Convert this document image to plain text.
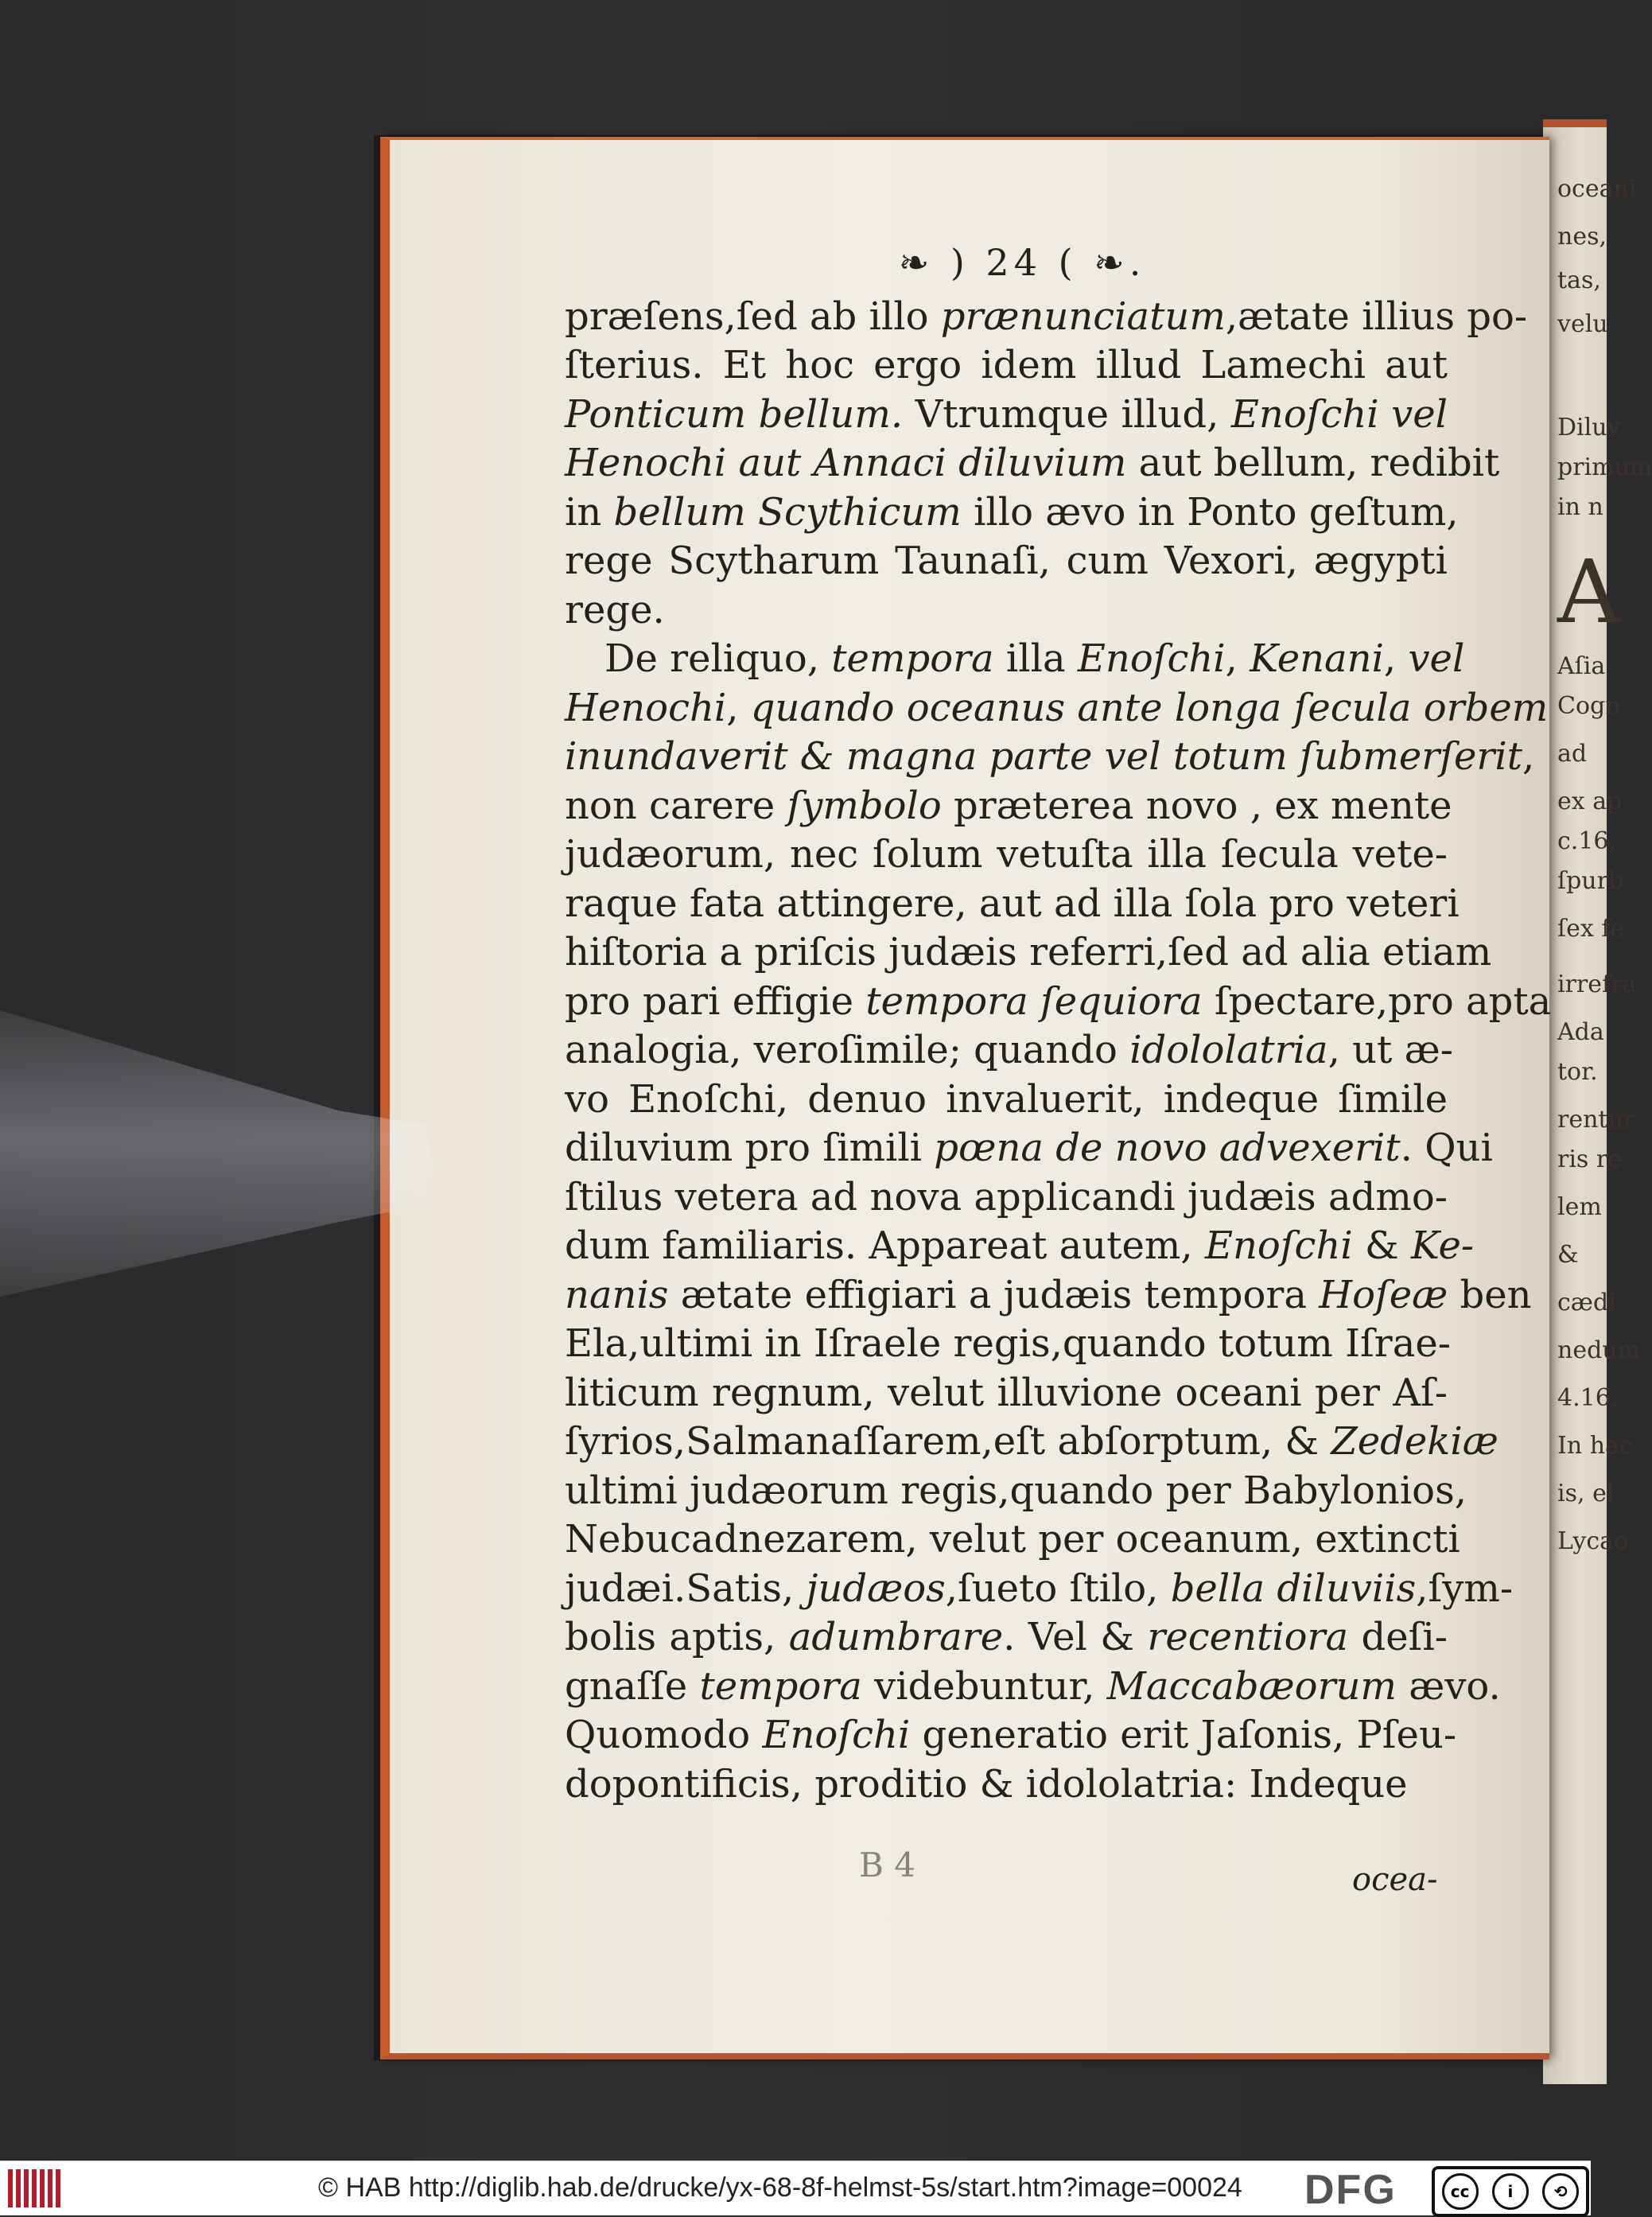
oceani
nes,
tas,
velu
Diluv
primum
in n
A
Aſia
Cogn
ad
ex ap
c.16,
ſpurb
ſex fe
irrefra
Ada
tor.
rentur
ris re
lem
&
cædi
nedum
4.16.
In hac
is, el
Lycao
❧ ) 24 ( ❧.
præſens,ſed ab illo prænunciatum,ætate illius po-
ſterius. Et hoc ergo idem illud Lamechi aut
Ponticum bellum. Vtrumque illud, Enoſchi vel
Henochi aut Annaci diluvium aut bellum, redibit
in bellum Scythicum illo ævo in Ponto geſtum,
rege Scytharum Taunaſi, cum Vexori, ægypti
rege.
De reliquo, tempora illa Enoſchi, Kenani, vel
Henochi, quando oceanus ante longa ſecula orbem
inundaverit & magna parte vel totum ſubmerſerit,
non carere ſymbolo præterea novo , ex mente
judæorum, nec ſolum vetuſta illa ſecula vete-
raque fata attingere, aut ad illa ſola pro veteri
hiſtoria a priſcis judæis referri,ſed ad alia etiam
pro pari effigie tempora ſequiora ſpectare,pro apta
analogia, veroſimile; quando idololatria, ut æ-
vo Enoſchi, denuo invaluerit, indeque ſimile
diluvium pro ſimili pœna de novo advexerit. Qui
ſtilus vetera ad nova applicandi judæis admo-
dum familiaris. Appareat autem, Enoſchi & Ke-
nanis ætate effigiari a judæis tempora Hoſeæ ben
Ela,ultimi in Iſraele regis,quando totum Iſrae-
liticum regnum, velut illuvione oceani per Aſ-
ſyrios,Salmanaſſarem,eſt abſorptum, & Zedekiæ
ultimi judæorum regis,quando per Babylonios,
Nebucadnezarem, velut per oceanum, extincti
judæi.Satis, judæos,ſueto ſtilo, bella diluviis,ſym-
bolis aptis, adumbrare. Vel & recentiora deſi-
gnaſſe tempora videbuntur, Maccabæorum ævo.
Quomodo Enoſchi generatio erit Jaſonis, Pſeu-
dopontificis, proditio & idololatria: Indeque
B 4	ocea-
© HAB http://diglib.hab.de/drucke/yx-68-8f-helmst-5s/start.htm?image=00024 DFG	cc	i	⟲
